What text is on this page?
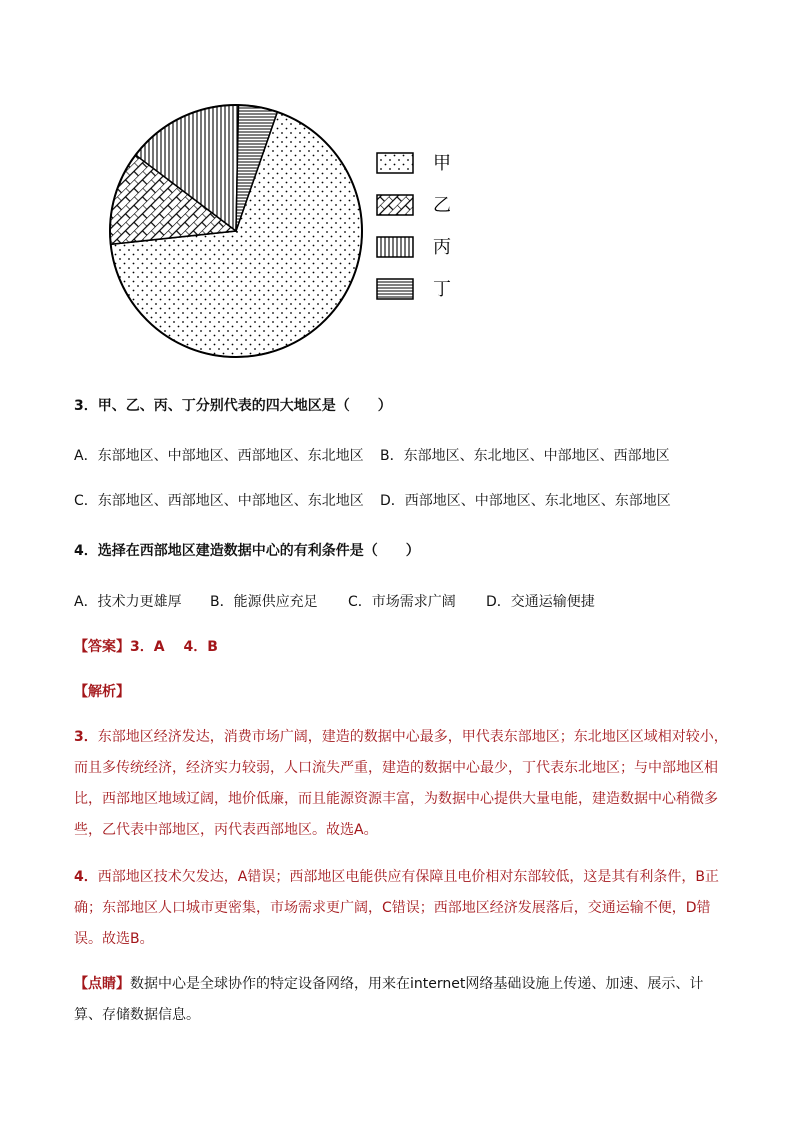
甲
乙
丙
丁
3．甲、乙、丙、丁分别代表的四大地区是（　　）
A．东部地区、中部地区、西部地区、东北地区 B．东部地区、东北地区、中部地区、西部地区
C．东部地区、西部地区、中部地区、东北地区 D．西部地区、中部地区、东北地区、东部地区
4．选择在西部地区建造数据中心的有利条件是（　　）
A．技术力更雄厚 B．能源供应充足 C．市场需求广阔 D．交通运输便捷
【答案】3．A　 4．B
【解析】
3．东部地区经济发达，消费市场广阔，建造的数据中心最多，甲代表东部地区；东北地区区域相对较小，而且多传统经济，经济实力较弱，人口流失严重，建造的数据中心最少，丁代表东北地区；与中部地区相比，西部地区地域辽阔，地价低廉，而且能源资源丰富，为数据中心提供大量电能，建造数据中心稍微多些，乙代表中部地区，丙代表西部地区。故选A。
4．西部地区技术欠发达，A错误；西部地区电能供应有保障且电价相对东部较低，这是其有利条件，B正确；东部地区人口城市更密集，市场需求更广阔，C错误；西部地区经济发展落后，交通运输不便，D错误。故选B。
【点睛】数据中心是全球协作的特定设备网络，用来在internet网络基础设施上传递、加速、展示、计算、存储数据信息。
